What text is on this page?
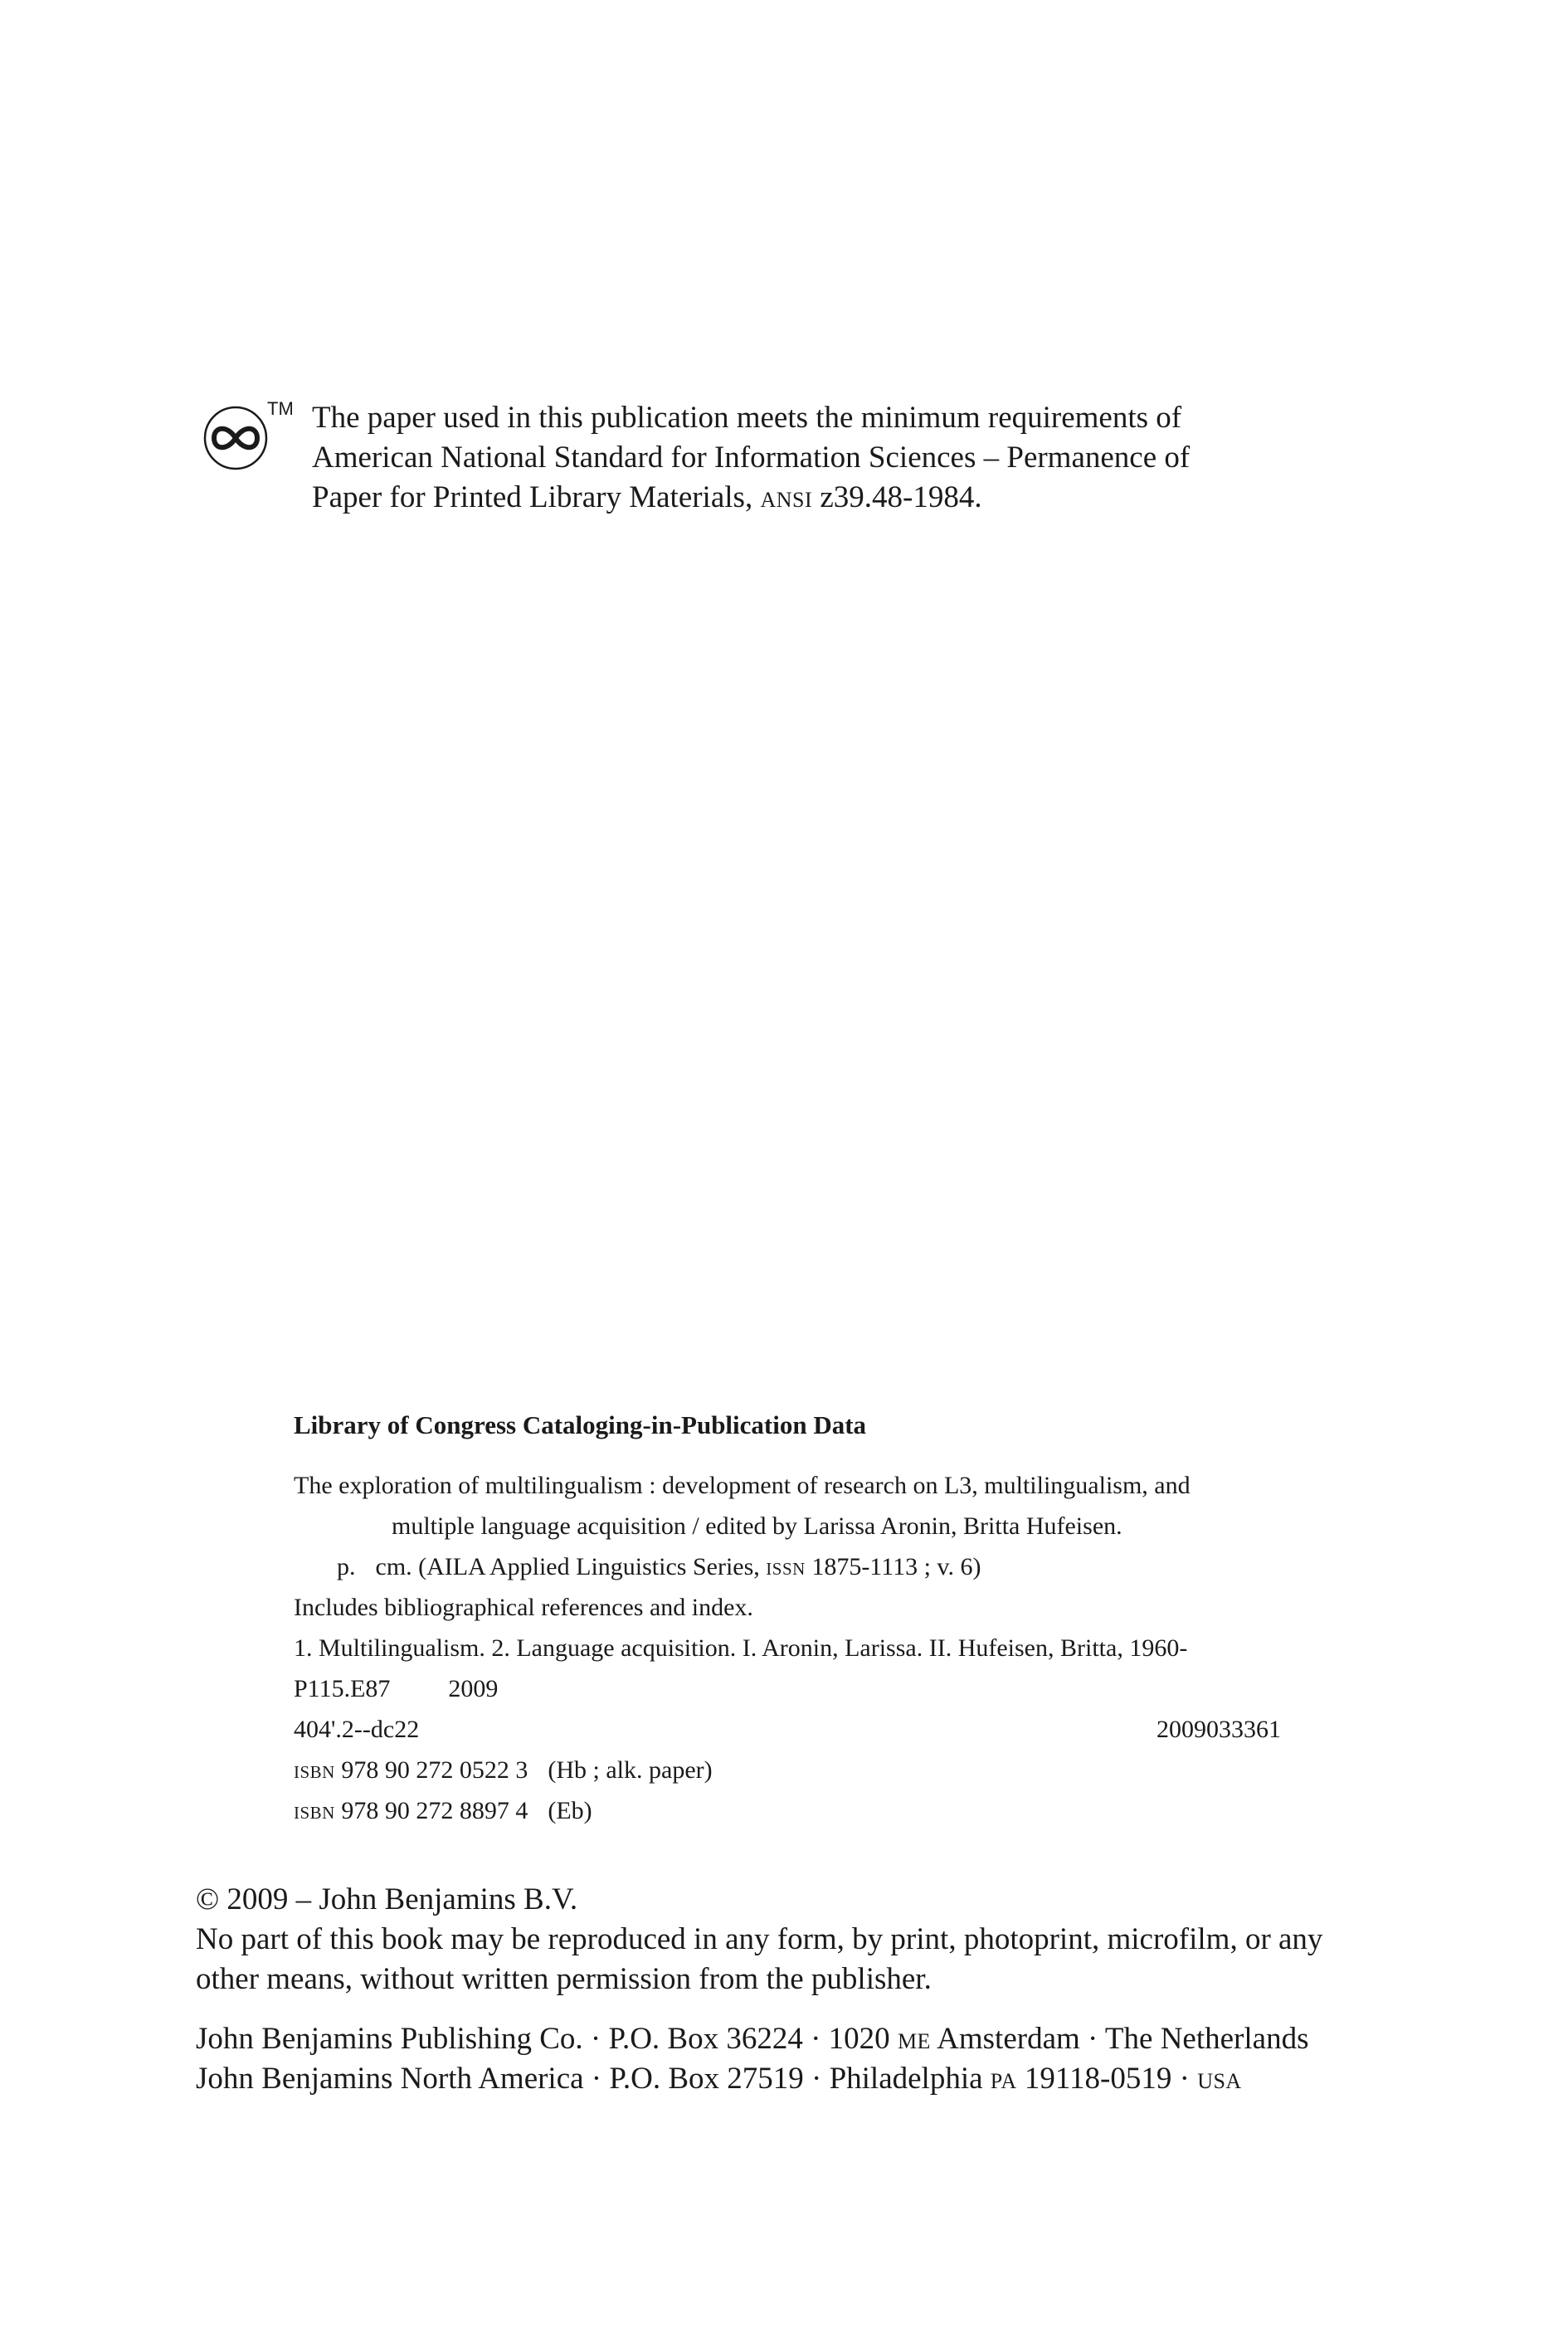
TM The paper used in this publication meets the minimum requirements of
American National Standard for Information Sciences – Permanence of
Paper for Printed Library Materials, ansi z39.48-1984.
Library of Congress Cataloging-in-Publication Data
The exploration of multilingualism : development of research on L3, multilingualism, and
multiple language acquisition / edited by Larissa Aronin, Britta Hufeisen.
p. cm. (AILA Applied Linguistics Series, issn 1875-1113 ; v. 6)
Includes bibliographical references and index.
1. Multilingualism. 2. Language acquisition. I. Aronin, Larissa. II. Hufeisen, Britta, 1960-
P115.E87 2009
404'.2--dc22	2009033361
isbn 978 90 272 0522 3 (Hb ; alk. paper)
isbn 978 90 272 8897 4 (Eb)
© 2009 – John Benjamins B.V.
No part of this book may be reproduced in any form, by print, photoprint, microfilm, or any
other means, without written permission from the publisher.
John Benjamins Publishing Co. · P.O. Box 36224 · 1020 me Amsterdam · The Netherlands
John Benjamins North America · P.O. Box 27519 · Philadelphia pa 19118-0519 · usa
